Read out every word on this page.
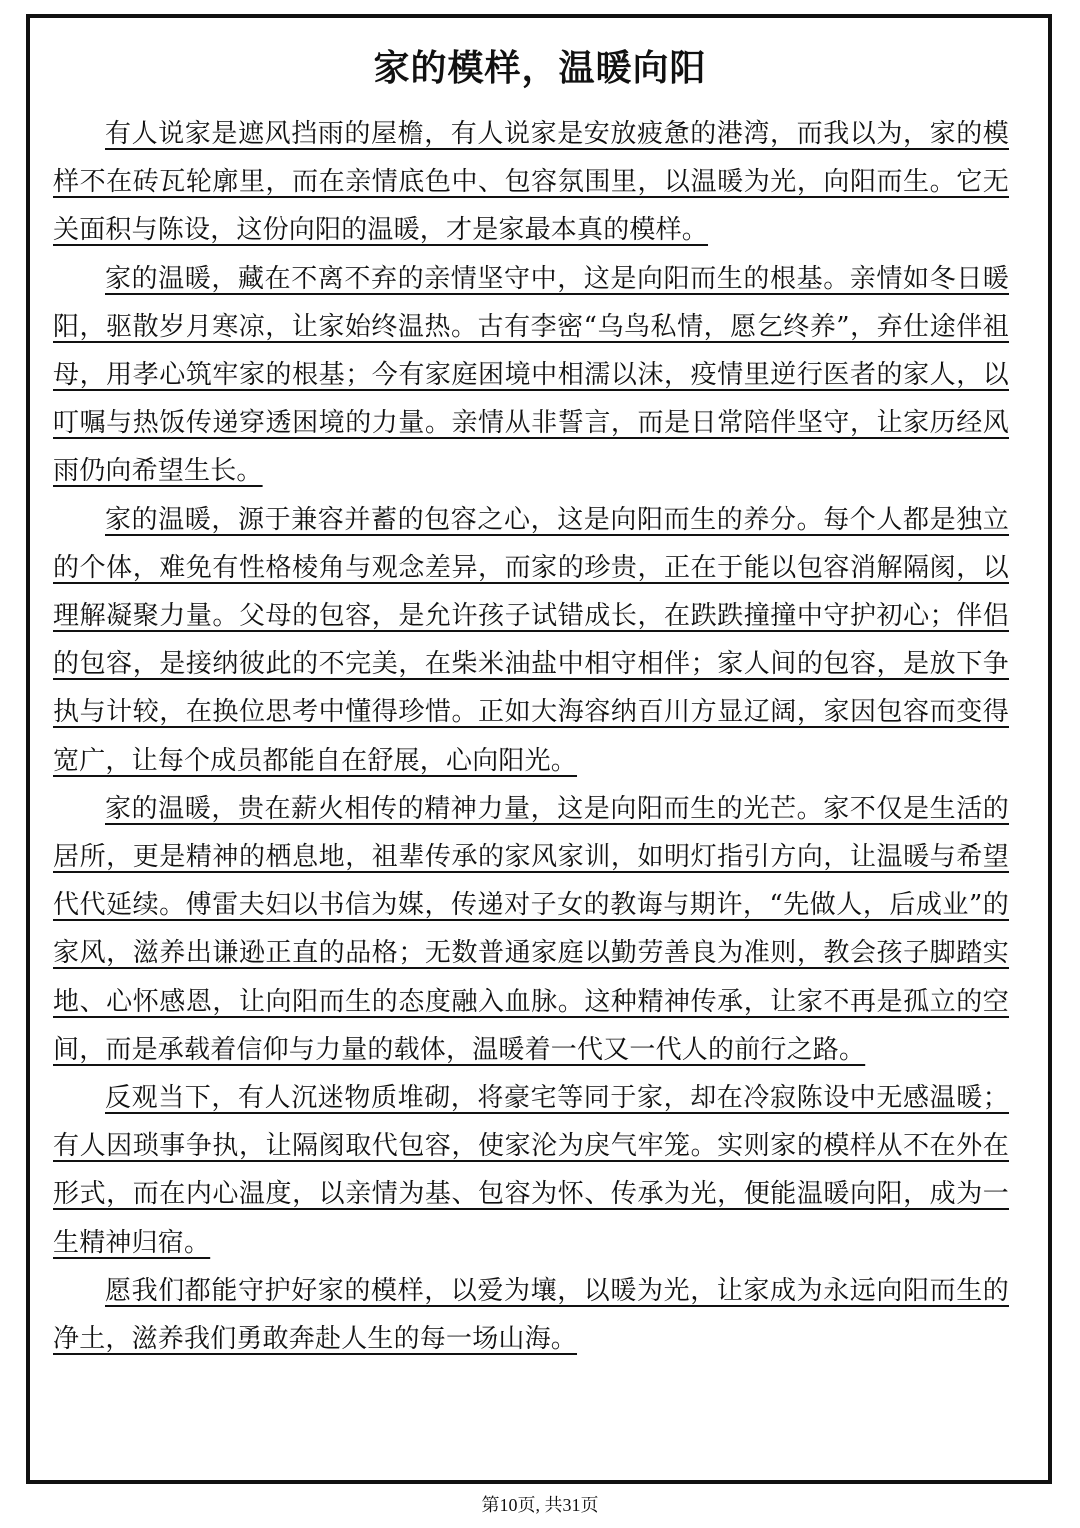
家的模样，温暖向阳

有人说家是遮风挡雨的屋檐，有人说家是安放疲惫的港湾，而我以为，家的模样不在砖瓦轮廓里，而在亲情底色中、包容氛围里，以温暖为光，向阳而生。它无关面积与陈设，这份向阳的温暖，才是家最本真的模样。

家的温暖，藏在不离不弃的亲情坚守中，这是向阳而生的根基。亲情如冬日暖阳，驱散岁月寒凉，让家始终温热。古有李密“乌鸟私情，愿乞终养”，弃仕途伴祖母，用孝心筑牢家的根基；今有家庭困境中相濡以沫，疫情里逆行医者的家人，以叮嘱与热饭传递穿透困境的力量。亲情从非誓言，而是日常陪伴坚守，让家历经风雨仍向希望生长。

家的温暖，源于兼容并蓄的包容之心，这是向阳而生的养分。每个人都是独立的个体，难免有性格棱角与观念差异，而家的珍贵，正在于能以包容消解隔阂，以理解凝聚力量。父母的包容，是允许孩子试错成长，在跌跌撞撞中守护初心；伴侣的包容，是接纳彼此的不完美，在柴米油盐中相守相伴；家人间的包容，是放下争执与计较，在换位思考中懂得珍惜。正如大海容纳百川方显辽阔，家因包容而变得宽广，让每个成员都能自在舒展，心向阳光。

家的温暖，贵在薪火相传的精神力量，这是向阳而生的光芒。家不仅是生活的居所，更是精神的栖息地，祖辈传承的家风家训，如明灯指引方向，让温暖与希望代代延续。傅雷夫妇以书信为媒，传递对子女的教诲与期许，“先做人，后成业”的家风，滋养出谦逊正直的品格；无数普通家庭以勤劳善良为准则，教会孩子脚踏实地、心怀感恩，让向阳而生的态度融入血脉。这种精神传承，让家不再是孤立的空间，而是承载着信仰与力量的载体，温暖着一代又一代人的前行之路。

反观当下，有人沉迷物质堆砌，将豪宅等同于家，却在冷寂陈设中无感温暖；有人因琐事争执，让隔阂取代包容，使家沦为戾气牢笼。实则家的模样从不在外在形式，而在内心温度，以亲情为基、包容为怀、传承为光，便能温暖向阳，成为一生精神归宿。

愿我们都能守护好家的模样，以爱为壤，以暖为光，让家成为永远向阳而生的净土，滋养我们勇敢奔赴人生的每一场山海。

第10页, 共31页
